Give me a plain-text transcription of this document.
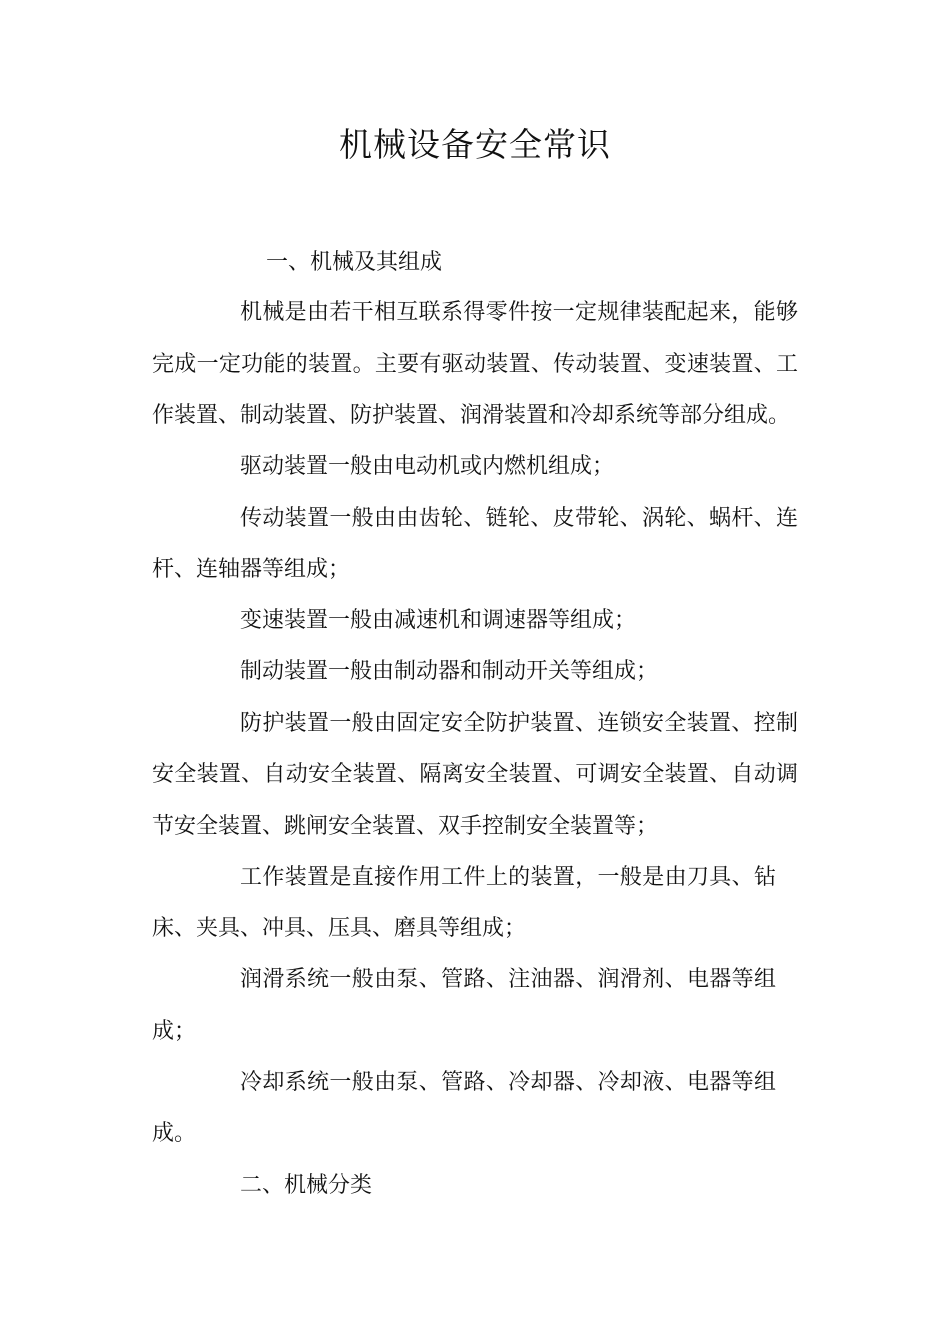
机械设备安全常识
一、机械及其组成
机械是由若干相互联系得零件按一定规律装配起来，能够
完成一定功能的装置。主要有驱动装置、传动装置、变速装置、工
作装置、制动装置、防护装置、润滑装置和冷却系统等部分组成。
驱动装置一般由电动机或内燃机组成；
传动装置一般由由齿轮、链轮、皮带轮、涡轮、蜗杆、连
杆、连轴器等组成；
变速装置一般由减速机和调速器等组成；
制动装置一般由制动器和制动开关等组成；
防护装置一般由固定安全防护装置、连锁安全装置、控制
安全装置、自动安全装置、隔离安全装置、可调安全装置、自动调
节安全装置、跳闸安全装置、双手控制安全装置等；
工作装置是直接作用工件上的装置，一般是由刀具、钻
床、夹具、冲具、压具、磨具等组成；
润滑系统一般由泵、管路、注油器、润滑剂、电器等组
成；
冷却系统一般由泵、管路、冷却器、冷却液、电器等组
成。
二、机械分类
